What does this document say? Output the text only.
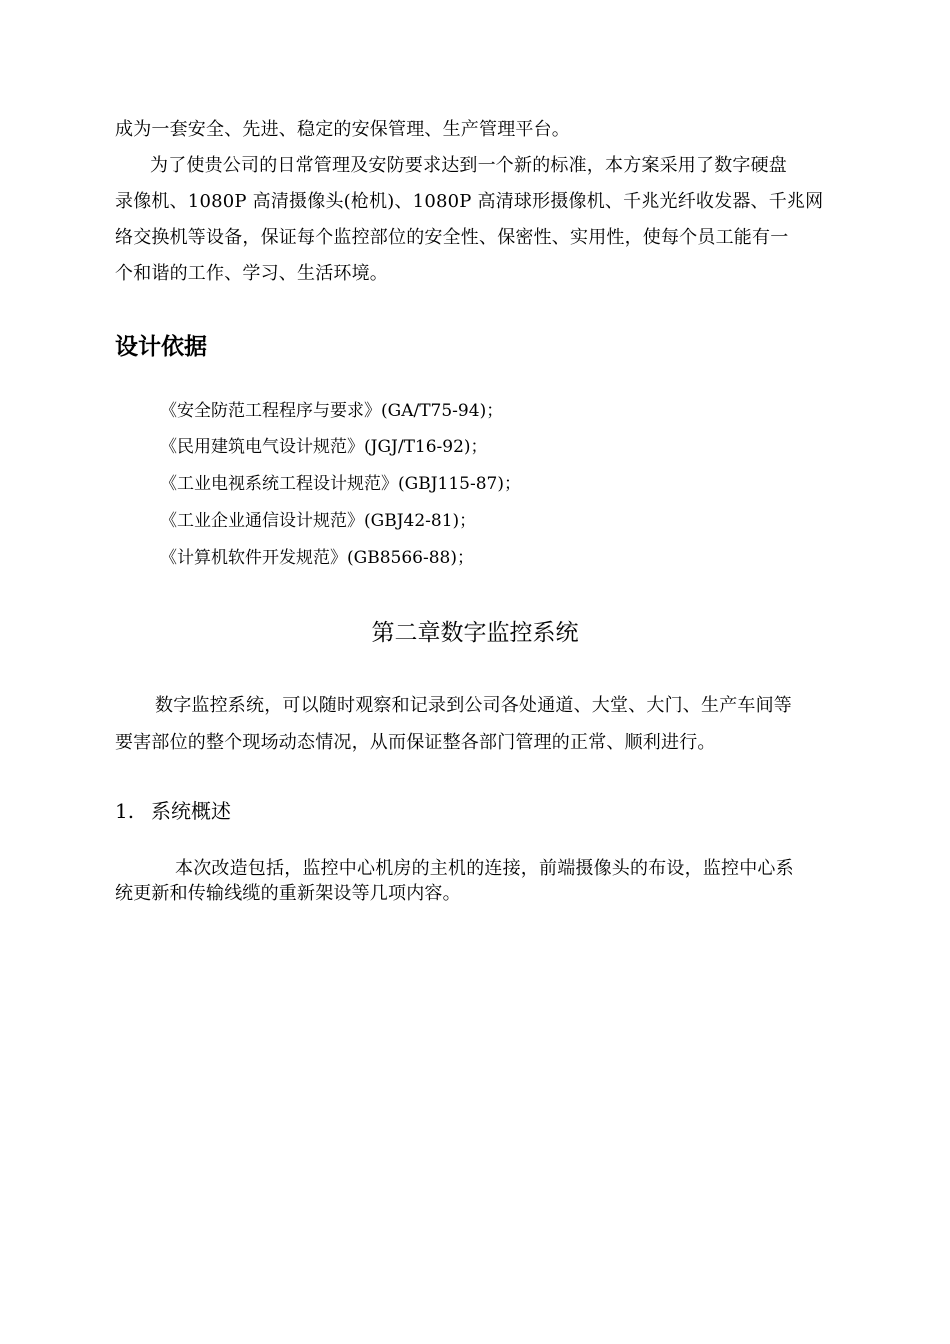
成为一套安全、先进、稳定的安保管理、生产管理平台。
为了使贵公司的日常管理及安防要求达到一个新的标准，本方案采用了数字硬盘
录像机、1080P 高清摄像头(枪机)、1080P 高清球形摄像机、千兆光纤收发器、千兆网
络交换机等设备，保证每个监控部位的安全性、保密性、实用性，使每个员工能有一
个和谐的工作、学习、生活环境。
设计依据
《安全防范工程程序与要求》(GA/T75-94)；
《民用建筑电气设计规范》(JGJ/T16-92)；
《工业电视系统工程设计规范》(GBJ115-87)；
《工业企业通信设计规范》(GBJ42-81)；
《计算机软件开发规范》(GB8566-88)；
第二章数字监控系统
数字监控系统，可以随时观察和记录到公司各处通道、大堂、大门、生产车间等
要害部位的整个现场动态情况，从而保证整各部门管理的正常、顺利进行。
1. 系统概述
本次改造包括，监控中心机房的主机的连接，前端摄像头的布设，监控中心系
统更新和传输线缆的重新架设等几项内容。
